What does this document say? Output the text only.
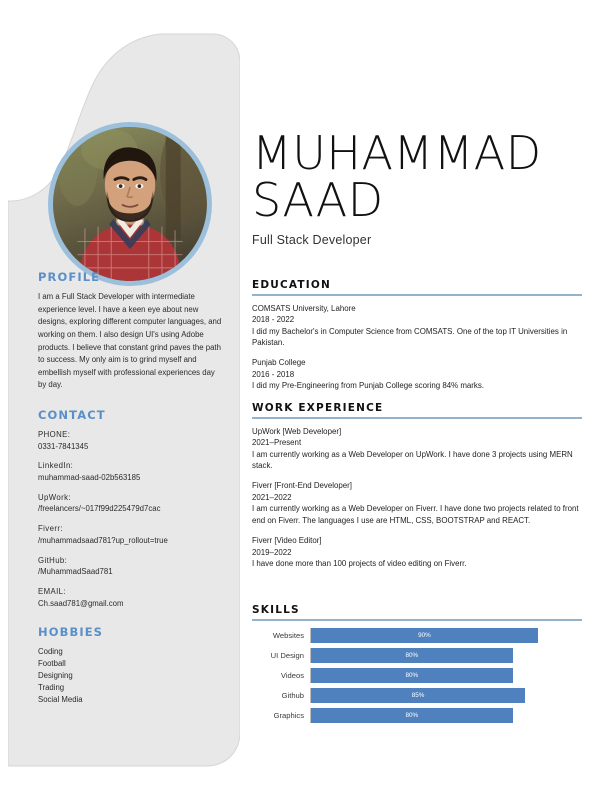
PROFILE

I am a Full Stack Developer with intermediate experience level. I have a keen eye about new designs, exploring different computer languages, and working on them. I also design UI's using Adobe products. I believe that constant grind paves the path to success. My only aim is to grind myself and embellish myself with professional experiences day by day.

CONTACT
PHONE:
0331-7841345
LinkedIn:
muhammad-saad-02b563185
UpWork:
/freelancers/~017f99d225479d7cac
Fiverr:
/muhammadsaad781?up_rollout=true
GitHub:
/MuhammadSaad781
EMAIL:
Ch.saad781@gmail.com
HOBBIES
Coding
Football
Designing
Trading
Social Media
MUHAMMAD
SAAD
Full Stack Developer
EDUCATION
COMSATS University, Lahore
2018 - 2022
I did my Bachelor's in Computer Science from COMSATS. One of the top IT Universities in Pakistan.
Punjab College
2016 - 2018
I did my Pre-Engineering from Punjab College scoring 84% marks.
WORK EXPERIENCE
UpWork [Web Developer]
2021–Present
I am currently working as a Web Developer on UpWork. I have done 3 projects using MERN stack.
Fiverr [Front-End Developer]
2021–2022
I am currently working as a Web Developer on Fiverr. I have done two projects related to front end on Fiverr. The languages I use are HTML, CSS, BOOTSTRAP and REACT.
Fiverr [Video Editor]
2019–2022
I have done more than 100 projects of video editing on Fiverr.
SKILLS
Websites	90%
UI Design	80%
Videos	80%
Github	85%
Graphics	80%
